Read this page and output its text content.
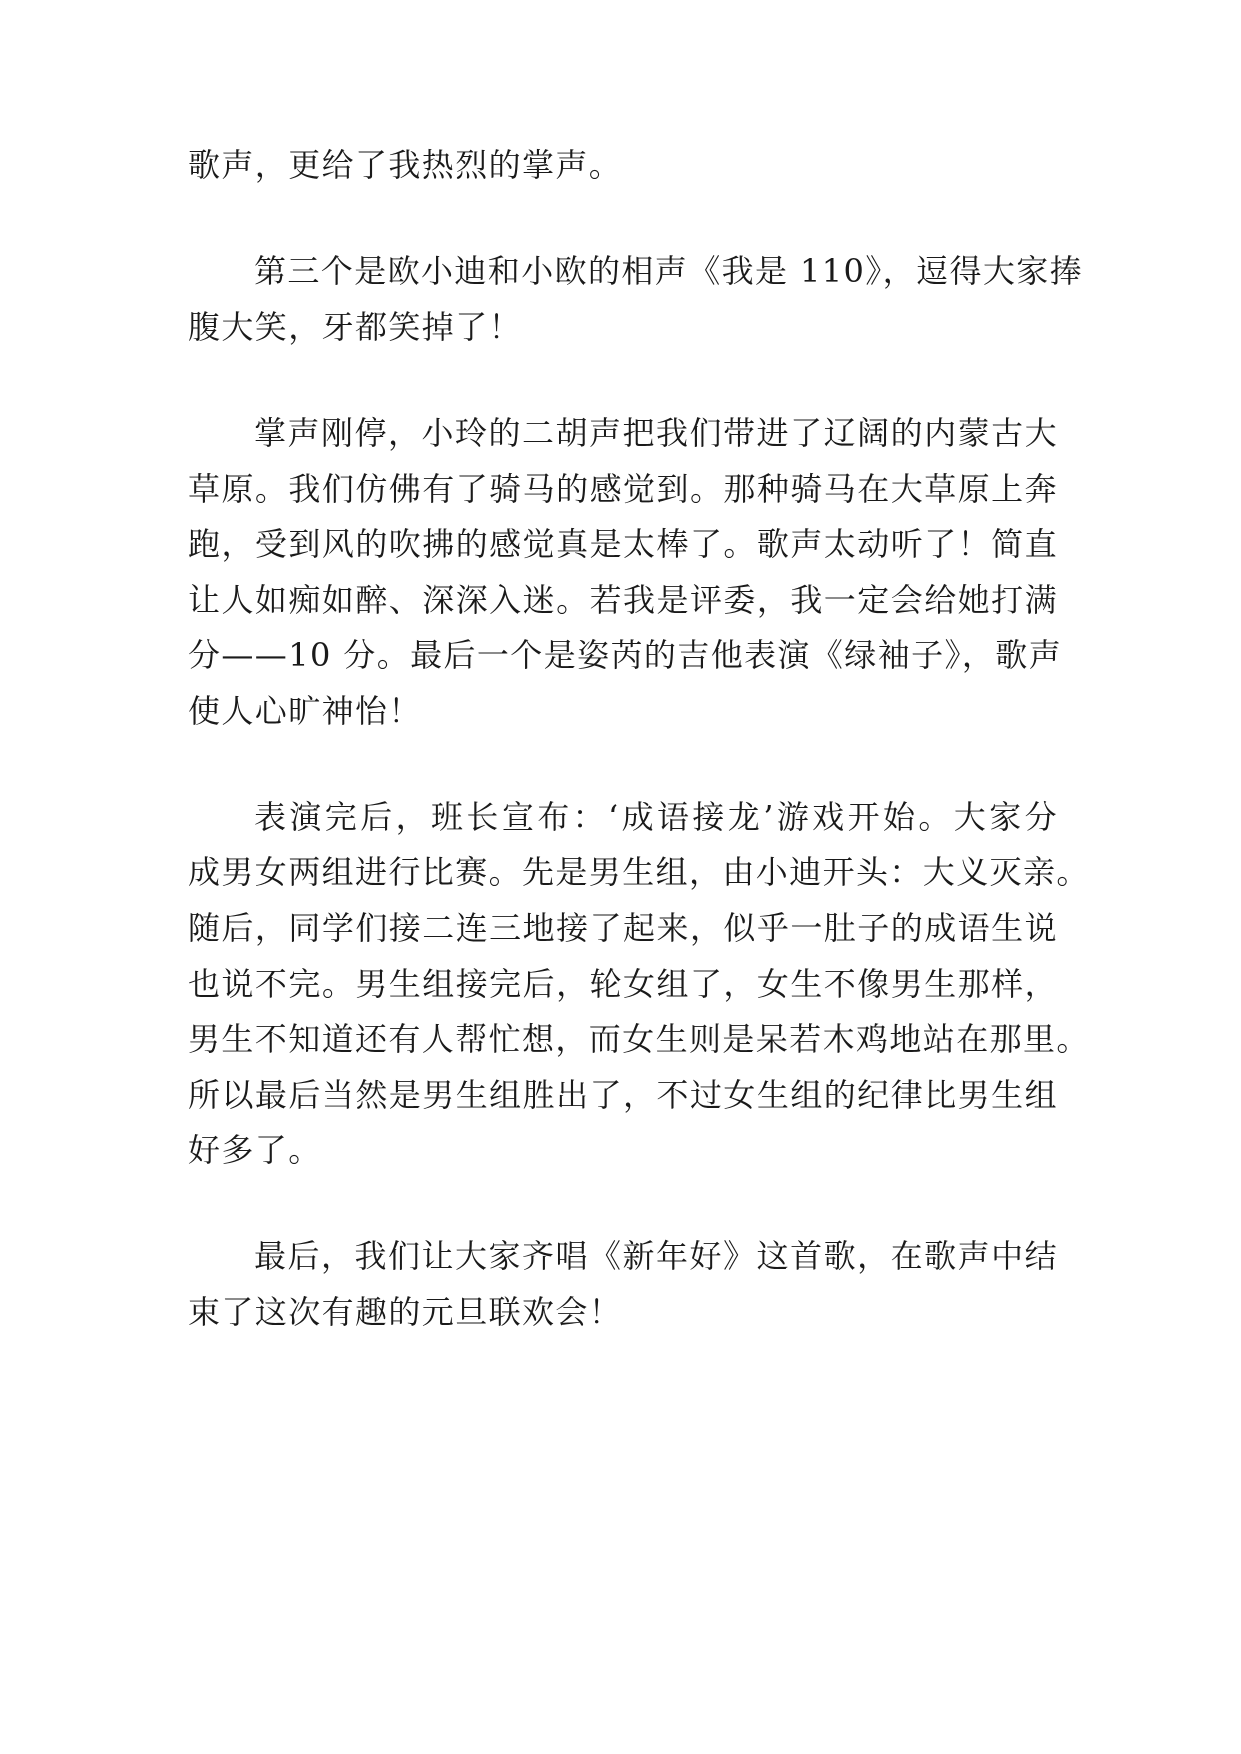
歌声，更给了我热烈的掌声。
第三个是欧小迪和小欧的相声《我是 110》，逗得大家捧
腹大笑，牙都笑掉了！
掌声刚停，小玲的二胡声把我们带进了辽阔的内蒙古大
草原。我们仿佛有了骑马的感觉到。那种骑马在大草原上奔
跑，受到风的吹拂的感觉真是太棒了。歌声太动听了！简直
让人如痴如醉、深深入迷。若我是评委，我一定会给她打满
分——10 分。最后一个是姿芮的吉他表演《绿袖子》，歌声
使人心旷神怡！
表演完后，班长宣布：‘成语接龙’游戏开始。大家分
成男女两组进行比赛。先是男生组，由小迪开头：大义灭亲。
随后，同学们接二连三地接了起来，似乎一肚子的成语生说
也说不完。男生组接完后，轮女组了，女生不像男生那样，
男生不知道还有人帮忙想，而女生则是呆若木鸡地站在那里。
所以最后当然是男生组胜出了，不过女生组的纪律比男生组
好多了。
最后，我们让大家齐唱《新年好》这首歌，在歌声中结
束了这次有趣的元旦联欢会！
